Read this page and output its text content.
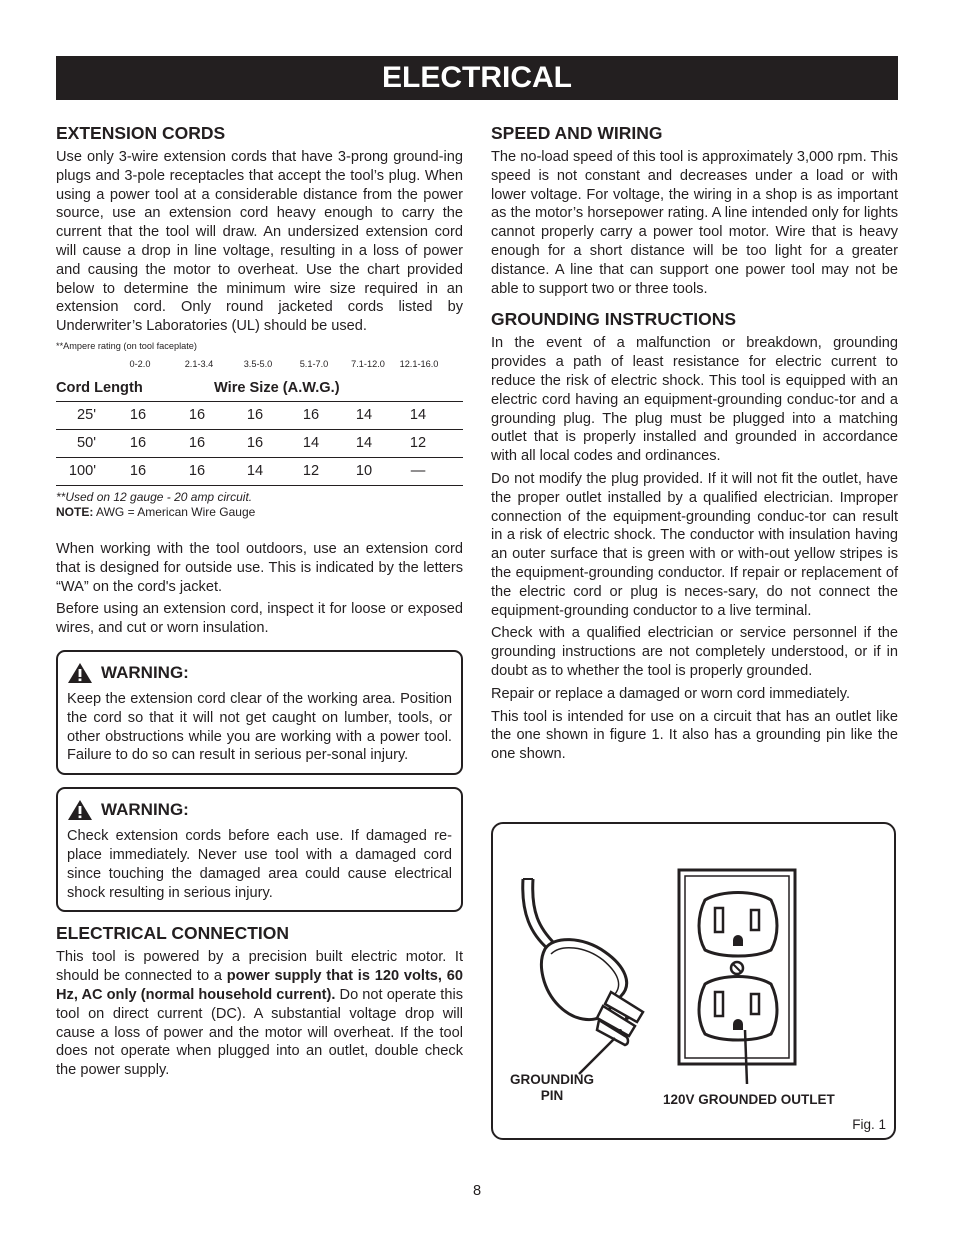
ELECTRICAL
EXTENSION CORDS

Use only 3-wire extension cords that have 3-prong ground-ing plugs and 3-pole receptacles that accept the tool’s plug. When using a power tool at a considerable distance from the power source, use an extension cord heavy enough to carry the current that the tool will draw. An undersized extension cord will cause a drop in line voltage, resulting in a loss of power and causing the motor to overheat. Use the chart provided below to determine the minimum wire size required in an extension cord. Only round jacketed cords listed by Underwriter’s Laboratories (UL) should be used.

**Ampere rating (on tool faceplate)
0-2.0	2.1-3.4	3.5-5.0	5.1-7.0	7.1-12.0	12.1-16.0
Cord Length	Wire Size (A.W.G.)
25'	16	16	16	16	14	14
50'	16	16	16	14	14	12
100'	16	16	14	12	10	—
**Used on 12 gauge - 20 amp circuit.
NOTE: AWG = American Wire Gauge

When working with the tool outdoors, use an extension cord that is designed for outside use. This is indicated by the letters “WA” on the cord's jacket.

Before using an extension cord, inspect it for loose or exposed wires, and cut or worn insulation.

WARNING:

Keep the extension cord clear of the working area. Position the cord so that it will not get caught on lumber, tools, or other obstructions while you are working with a power tool. Failure to do so can result in serious per-sonal injury.

WARNING:

Check extension cords before each use. If damaged re-place immediately. Never use tool with a damaged cord since touching the damaged area could cause electrical shock resulting in serious injury.

ELECTRICAL CONNECTION

This tool is powered by a precision built electric motor. It should be connected to a power supply that is 120 volts, 60 Hz, AC only (normal household current). Do not operate this tool on direct current (DC). A substantial voltage drop will cause a loss of power and the motor will overheat. If the tool does not operate when plugged into an outlet, double check the power supply.

SPEED AND WIRING

The no-load speed of this tool is approximately 3,000 rpm. This speed is not constant and decreases under a load or with lower voltage. For voltage, the wiring in a shop is as important as the motor’s horsepower rating. A line intended only for lights cannot properly carry a power tool motor. Wire that is heavy enough for a short distance will be too light for a greater distance. A line that can support one power tool may not be able to support two or three tools.

GROUNDING INSTRUCTIONS

In the event of a malfunction or breakdown, grounding provides a path of least resistance for electric current to reduce the risk of electric shock. This tool is equipped with an electric cord having an equipment-grounding conduc-tor and a grounding plug. The plug must be plugged into a matching outlet that is properly installed and grounded in accordance with all local codes and ordinances.

Do not modify the plug provided. If it will not fit the outlet, have the proper outlet installed by a qualified electrician. Improper connection of the equipment-grounding conduc-tor can result in a risk of electric shock. The conductor with insulation having an outer surface that is green with or with-out yellow stripes is the equipment-grounding conductor. If repair or replacement of the electric cord or plug is neces-sary, do not connect the equipment-grounding conductor to a live terminal.

Check with a qualified electrician or service personnel if the grounding instructions are not completely understood, or if in doubt as to whether the tool is properly grounded.

Repair or replace a damaged or worn cord immediately.

This tool is intended for use on a circuit that has an outlet like the one shown in figure 1. It also has a grounding pin like the one shown.

GROUNDING
PIN	120V GROUNDED OUTLET
Fig. 1
8
